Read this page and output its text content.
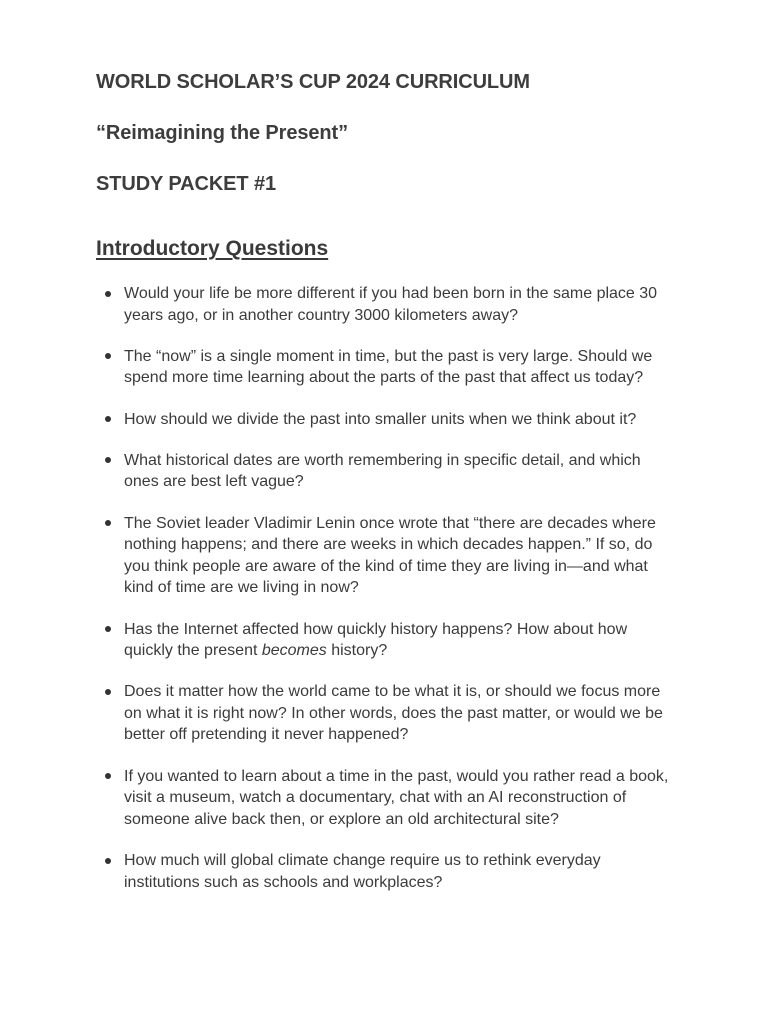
WORLD SCHOLAR’S CUP 2024 CURRICULUM
“Reimagining the Present”
STUDY PACKET #1
Introductory Questions
Would your life be more different if you had been born in the same place 30 years ago, or in another country 3000 kilometers away?
The “now” is a single moment in time, but the past is very large. Should we spend more time learning about the parts of the past that affect us today?
How should we divide the past into smaller units when we think about it?
What historical dates are worth remembering in specific detail, and which ones are best left vague?
The Soviet leader Vladimir Lenin once wrote that “there are decades where nothing happens; and there are weeks in which decades happen.” If so, do you think people are aware of the kind of time they are living in—and what kind of time are we living in now?
Has the Internet affected how quickly history happens? How about how quickly the present becomes history?
Does it matter how the world came to be what it is, or should we focus more on what it is right now? In other words, does the past matter, or would we be better off pretending it never happened?
If you wanted to learn about a time in the past, would you rather read a book, visit a museum, watch a documentary, chat with an AI reconstruction of someone alive back then, or explore an old architectural site?
How much will global climate change require us to rethink everyday institutions such as schools and workplaces?
